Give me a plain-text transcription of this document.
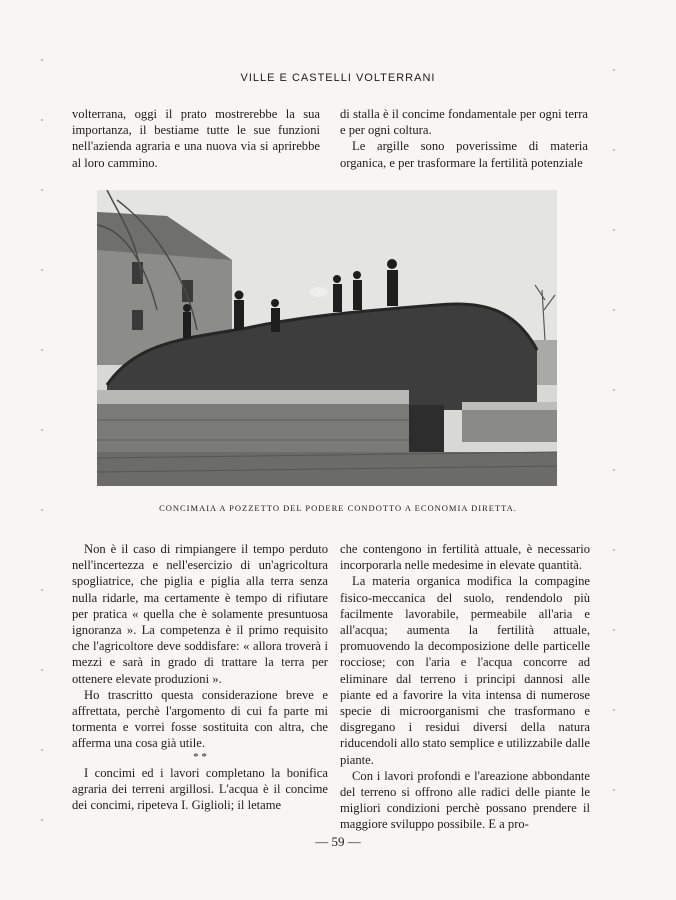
VILLE E CASTELLI VOLTERRANI

volterrana, oggi il prato mostrerebbe la sua importanza, il bestiame tutte le sue funzioni nell'azienda agraria e una nuova via si aprirebbe al loro cammino.

di stalla è il concime fondamentale per ogni terra e per ogni coltura.

Le argille sono poverissime di materia organica, e per trasformare la fertilità potenziale

CONCIMAIA A POZZETTO DEL PODERE CONDOTTO A ECONOMIA DIRETTA.

Non è il caso di rimpiangere il tempo perduto nell'incertezza e nell'esercizio di un'agricoltura spogliatrice, che piglia e piglia alla terra senza nulla ridarle, ma certamente è tempo di rifiutare per pratica « quella che è solamente presuntuosa ignoranza ». La competenza è il primo requisito che l'agricoltore deve soddisfare: « allora troverà i mezzi e sarà in grado di trattare la terra per ottenere elevate produzioni ».

Ho trascritto questa considerazione breve e affrettata, perchè l'argomento di cui fa parte mi tormenta e vorrei fosse sostituita con altra, che afferma una cosa già utile.

* *

I concimi ed i lavori completano la bonifica agraria dei terreni argillosi. L'acqua è il concime dei concimi, ripeteva I. Giglioli; il letame

che contengono in fertilità attuale, è necessario incorporarla nelle medesime in elevate quantità.

La materia organica modifica la compagine fisico-meccanica del suolo, rendendolo più facilmente lavorabile, permeabile all'aria e all'acqua; aumenta la fertilità attuale, promuovendo la decomposizione delle particelle rocciose; con l'aria e l'acqua concorre ad eliminare dal terreno i principi dannosi alle piante ed a favorire la vita intensa di numerose specie di microorganismi che trasformano e disgregano i residui diversi della natura riducendoli allo stato semplice e utilizzabile dalle piante.

Con i lavori profondi e l'areazione abbondante del terreno si offrono alle radici delle piante le migliori condizioni perchè possano prendere il maggiore sviluppo possibile. E a pro-

— 59 —
